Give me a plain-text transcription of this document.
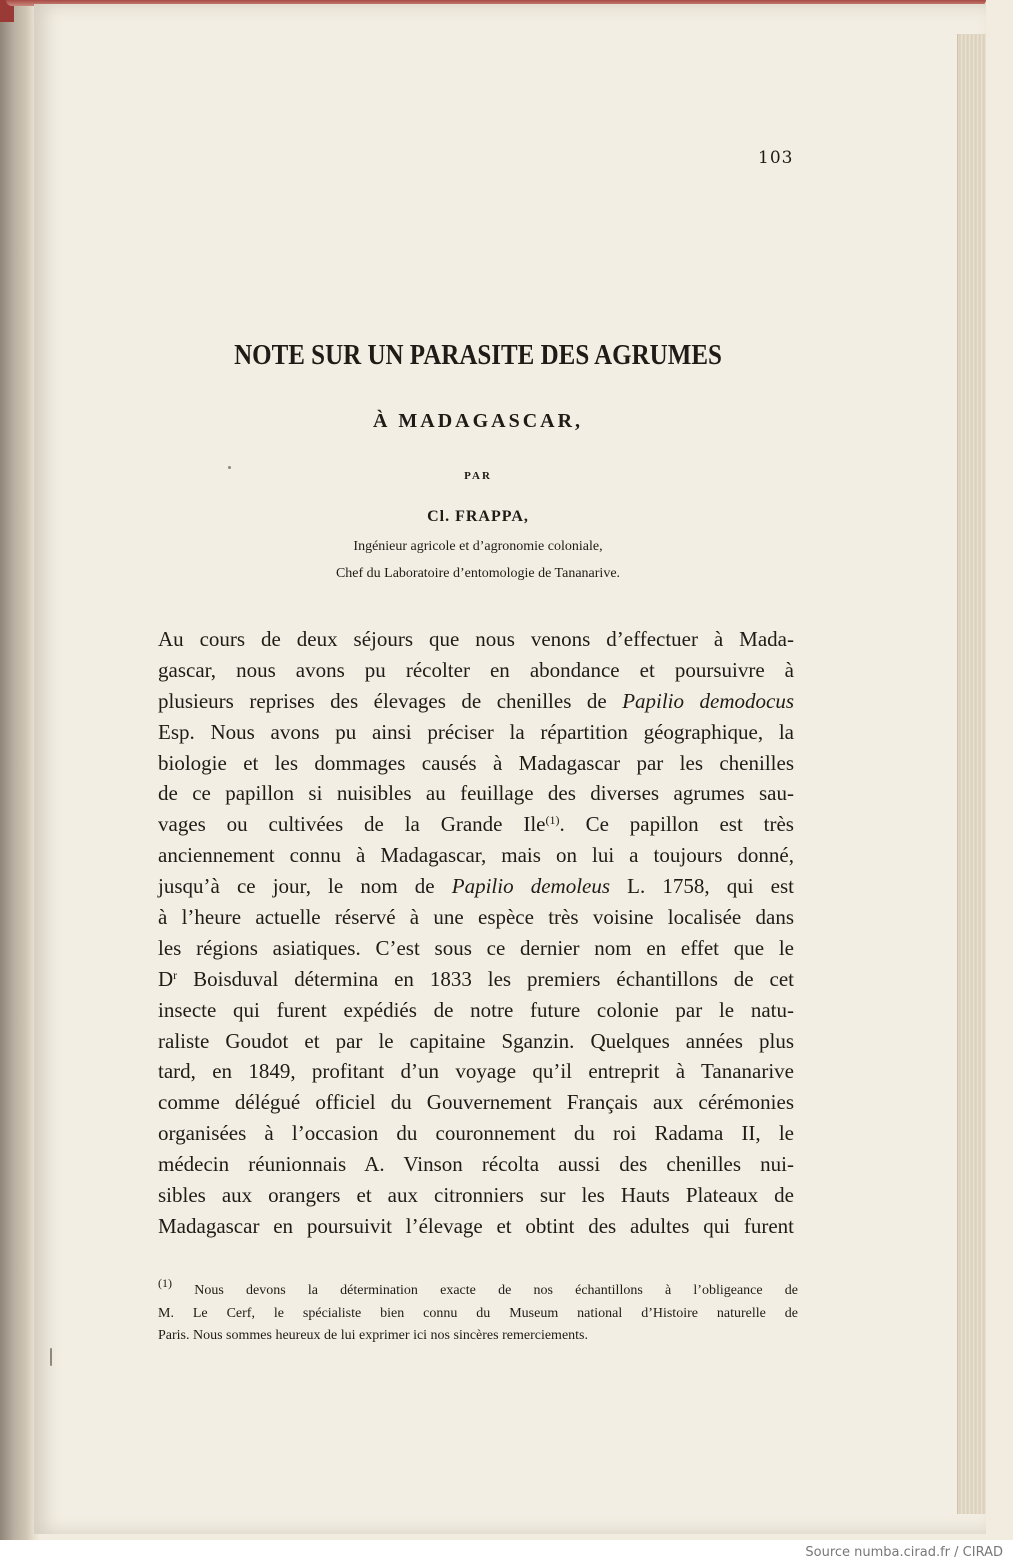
103
NOTE SUR UN PARASITE DES AGRUMES
À MADAGASCAR,
PAR
Cl. FRAPPA,
Ingénieur agricole et d’agronomie coloniale,
Chef du Laboratoire d’entomologie de Tananarive.
Au cours de deux séjours que nous venons d’effectuer à Mada-
gascar, nous avons pu récolter en abondance et poursuivre à
plusieurs reprises des élevages de chenilles de Papilio demodocus
Esp. Nous avons pu ainsi préciser la répartition géographique, la
biologie et les dommages causés à Madagascar par les chenilles
de ce papillon si nuisibles au feuillage des diverses agrumes sau-
vages ou cultivées de la Grande Ile$^{(1)}$. Ce papillon est très
anciennement connu à Madagascar, mais on lui a toujours donné,
jusqu’à ce jour, le nom de Papilio demoleus L. 1758, qui est
à l’heure actuelle réservé à une espèce très voisine localisée dans
les régions asiatiques. C’est sous ce dernier nom en effet que le
$D^r$ Boisduval détermina en 1833 les premiers échantillons de cet
insecte qui furent expédiés de notre future colonie par le natu-
raliste Goudot et par le capitaine Sganzin. Quelques années plus
tard, en 1849, profitant d’un voyage qu’il entreprit à Tananarive
comme délégué officiel du Gouvernement Français aux cérémonies
organisées à l’occasion du couronnement du roi Radama II, le
médecin réunionnais A. Vinson récolta aussi des chenilles nui-
sibles aux orangers et aux citronniers sur les Hauts Plateaux de
Madagascar en poursuivit l’élevage et obtint des adultes qui furent
$^{(1)}$ Nous devons la détermination exacte de nos échantillons à l’obligeance de
M. Le Cerf, le spécialiste bien connu du Museum national d’Histoire naturelle de
Paris. Nous sommes heureux de lui exprimer ici nos sincères remerciements.
Source numba.cirad.fr / CIRAD
